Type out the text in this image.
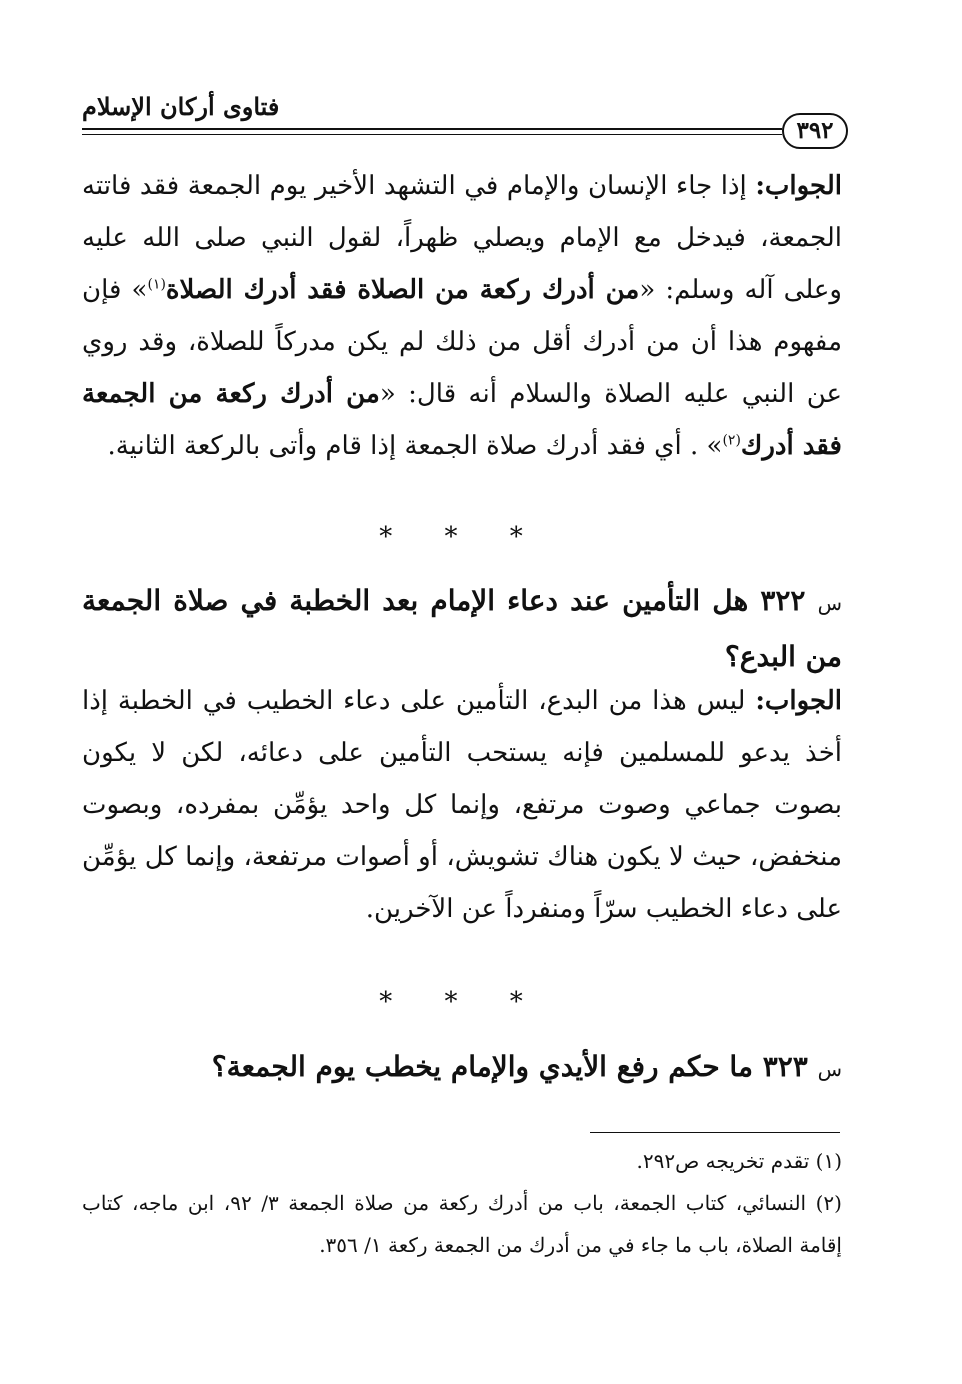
فتاوى أركان الإسلام
٣٩٢
الجواب: إذا جاء الإنسان والإمام في التشهد الأخير يوم الجمعة فقد فاتته الجمعة، فيدخل مع الإمام ويصلي ظهراً، لقول النبي صلى الله عليه وعلى آله وسلم: «من أدرك ركعة من الصلاة فقد أدرك الصلاة$^{(١)}$» فإن مفهوم هذا أن من أدرك أقل من ذلك لم يكن مدركاً للصلاة، وقد روي عن النبي عليه الصلاة والسلام أنه قال: «من أدرك ركعة من الجمعة فقد أدرك$^{(٢)}$» . أي فقد أدرك صلاة الجمعة إذا قام وأتى بالركعة الثانية.
* * *
س ٣٢٢ هل التأمين عند دعاء الإمام بعد الخطبة في صلاة الجمعة من البدع؟
الجواب: ليس هذا من البدع، التأمين على دعاء الخطيب في الخطبة إذا أخذ يدعو للمسلمين فإنه يستحب التأمين على دعائه، لكن لا يكون بصوت جماعي وصوت مرتفع، وإنما كل واحد يؤمِّن بمفرده، وبصوت منخفض، حيث لا يكون هناك تشويش، أو أصوات مرتفعة، وإنما كل يؤمِّن على دعاء الخطيب سرّاً ومنفرداً عن الآخرين.
* * *
س ٣٢٣ ما حكم رفع الأيدي والإمام يخطب يوم الجمعة؟
(١) تقدم تخريجه ص٢٩٢.
(٢) النسائي، كتاب الجمعة، باب من أدرك ركعة من صلاة الجمعة ٣/ ٩٢، ابن ماجه، كتاب إقامة الصلاة، باب ما جاء في من أدرك من الجمعة ركعة ١/ ٣٥٦.
